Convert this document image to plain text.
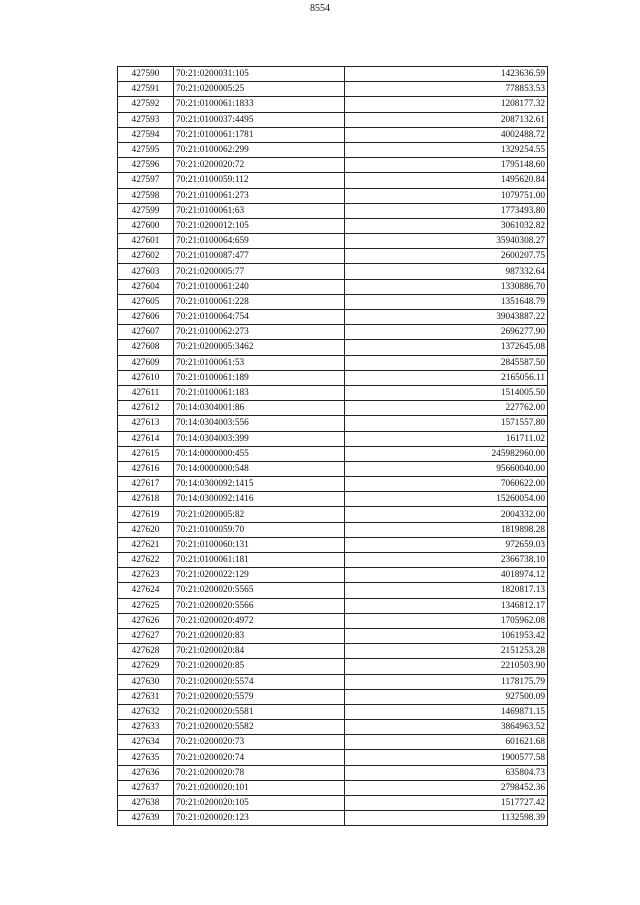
8554
427590	70:21:0200031:105	1423636.59
427591	70:21:0200005:25	778853.53
427592	70:21:0100061:1833	1208177.32
427593	70:21:0100037:4495	2087132.61
427594	70:21:0100061:1781	4002488.72
427595	70:21:0100062:299	1329254.55
427596	70:21:0200020:72	1795148.60
427597	70:21:0100059:112	1495620.84
427598	70:21:0100061:273	1079751.00
427599	70:21:0100061:63	1773493.80
427600	70:21:0200012:105	3061032.82
427601	70:21:0100064:659	35940308.27
427602	70:21:0100087:477	2600207.75
427603	70:21:0200005:77	987332.64
427604	70:21:0100061:240	1330886.70
427605	70:21:0100061:228	1351648.79
427606	70:21:0100064:754	39043887.22
427607	70:21:0100062:273	2696277.90
427608	70:21:0200005:3462	1372645.08
427609	70:21:0100061:53	2845587.50
427610	70:21:0100061:189	2165056.11
427611	70:21:0100061:183	1514005.50
427612	70:14:0304001:86	227762.00
427613	70:14:0304003:556	1571557.80
427614	70:14:0304003:399	161711.02
427615	70:14:0000000:455	245982960.00
427616	70:14:0000000:548	95660040.00
427617	70:14:0300092:1415	7060622.00
427618	70:14:0300092:1416	15260054.00
427619	70:21:0200005:82	2004332.00
427620	70:21:0100059:70	1819898.28
427621	70:21:0100060:131	972659.03
427622	70:21:0100061:181	2366738.10
427623	70:21:0200022:129	4018974.12
427624	70:21:0200020:5565	1820817.13
427625	70:21:0200020:5566	1346812.17
427626	70:21:0200020:4972	1705962.08
427627	70:21:0200020:83	1061953.42
427628	70:21:0200020:84	2151253.28
427629	70:21:0200020:85	2210503.90
427630	70:21:0200020:5574	1178175.79
427631	70:21:0200020:5579	927500.09
427632	70:21:0200020:5581	1469871.15
427633	70:21:0200020:5582	3864963.52
427634	70:21:0200020:73	601621.68
427635	70:21:0200020:74	1900577.58
427636	70:21:0200020:78	635804.73
427637	70:21:0200020:101	2798452.36
427638	70:21:0200020:105	1517727.42
427639	70:21:0200020:123	1132598.39
